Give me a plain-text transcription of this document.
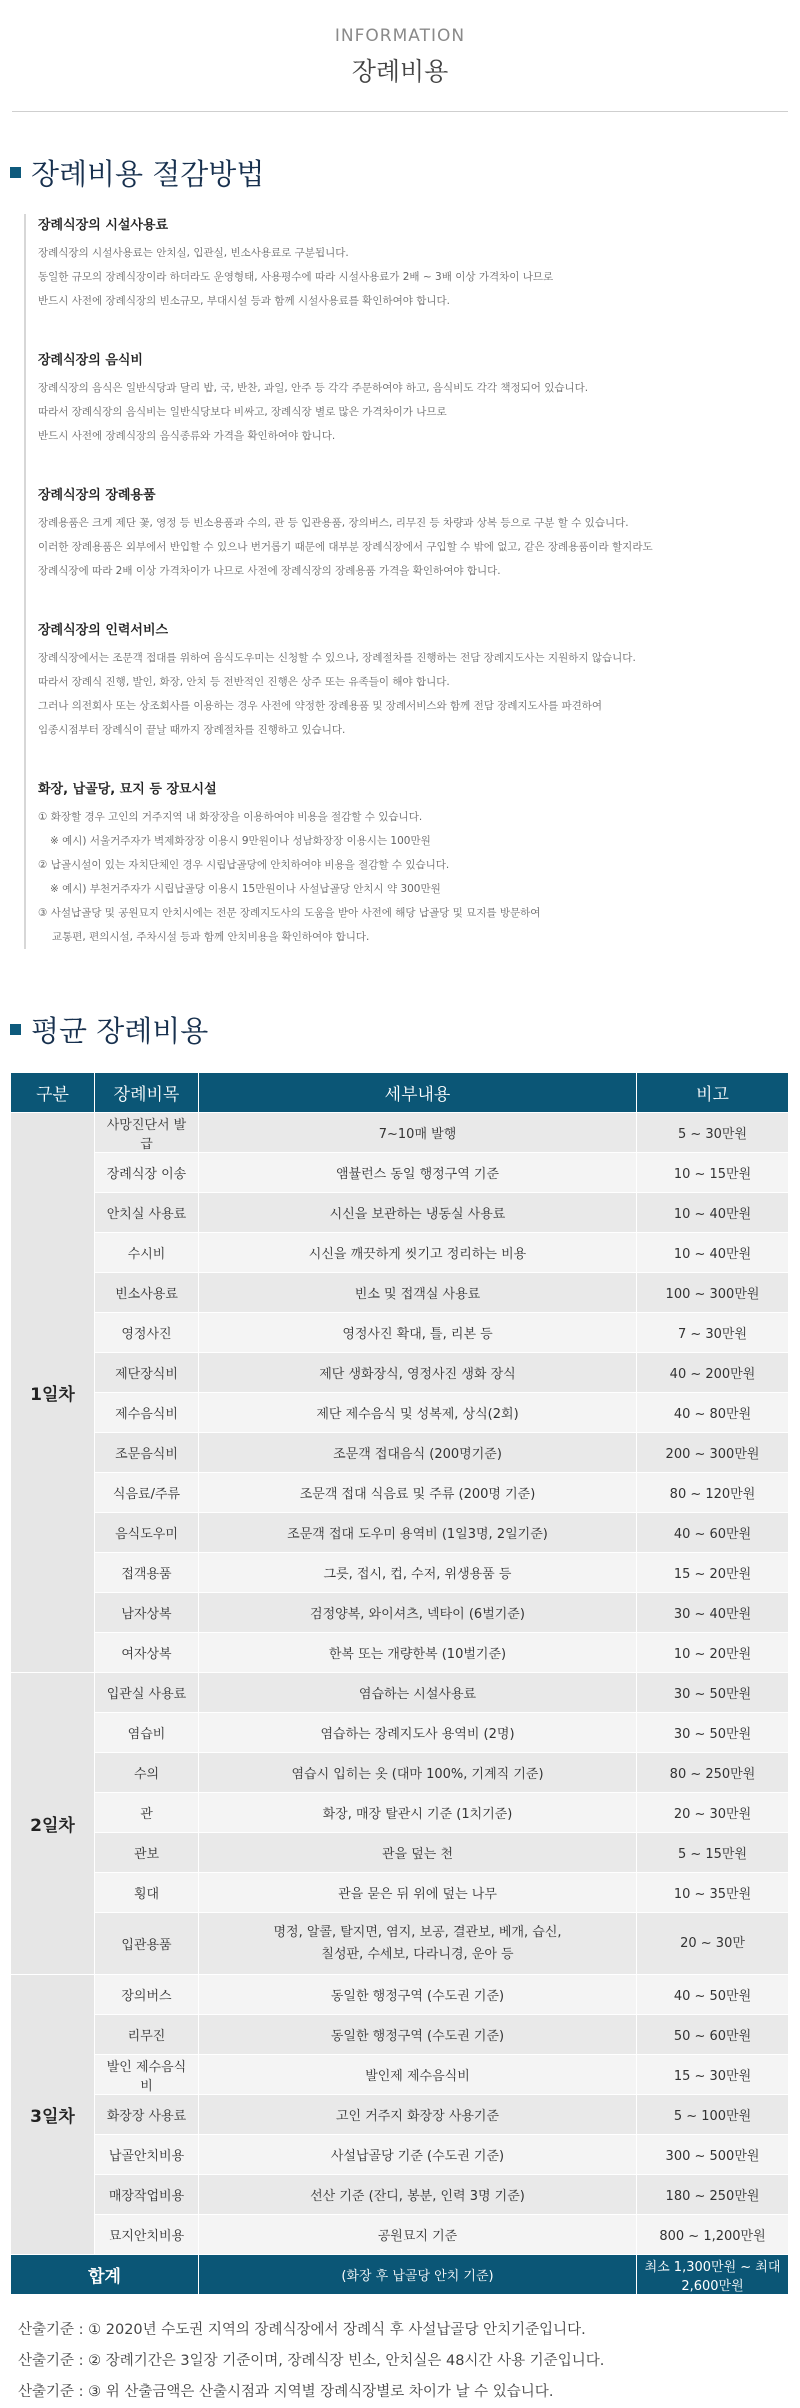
INFORMATION
장례비용
장례비용 절감방법
장례식장의 시설사용료

장례식장의 시설사용료는 안치실, 입관실, 빈소사용료로 구분됩니다.

동일한 규모의 장례식장이라 하더라도 운영형태, 사용평수에 따라 시설사용료가 2배 ~ 3배 이상 가격차이 나므로

반드시 사전에 장례식장의 빈소규모, 부대시설 등과 함께 시설사용료를 확인하여야 합니다.

장례식장의 음식비

장례식장의 음식은 일반식당과 달리 밥, 국, 반찬, 과일, 안주 등 각각 주문하여야 하고, 음식비도 각각 책정되어 있습니다.

따라서 장례식장의 음식비는 일반식당보다 비싸고, 장례식장 별로 많은 가격차이가 나므로

반드시 사전에 장례식장의 음식종류와 가격을 확인하여야 합니다.

장례식장의 장례용품

장례용품은 크게 제단 꽃, 영정 등 빈소용품과 수의, 관 등 입관용품, 장의버스, 리무진 등 차량과 상복 등으로 구분 할 수 있습니다.

이러한 장례용품은 외부에서 반입할 수 있으나 번거롭기 때문에 대부분 장례식장에서 구입할 수 밖에 없고, 같은 장례용품이라 할지라도

장례식장에 따라 2배 이상 가격차이가 나므로 사전에 장례식장의 장례용품 가격을 확인하여야 합니다.

장례식장의 인력서비스

장례식장에서는 조문객 접대를 위하여 음식도우미는 신청할 수 있으나, 장례절차를 진행하는 전담 장례지도사는 지원하지 않습니다.

따라서 장례식 진행, 발인, 화장, 안치 등 전반적인 진행은 상주 또는 유족들이 해야 합니다.

그러나 의전회사 또는 상조회사를 이용하는 경우 사전에 약정한 장례용품 및 장례서비스와 함께 전담 장례지도사를 파견하여

임종시점부터 장례식이 끝날 때까지 장례절차를 진행하고 있습니다.

화장, 납골당, 묘지 등 장묘시설

① 화장할 경우 고인의 거주지역 내 화장장을 이용하여야 비용을 절감할 수 있습니다.

※ 예시) 서울거주자가 벽제화장장 이용시 9만원이나 성남화장장 이용시는 100만원

② 납골시설이 있는 자치단체인 경우 시립납골당에 안치하여야 비용을 절감할 수 있습니다.

※ 예시) 부천거주자가 시립납골당 이용시 15만원이나 사설납골당 안치시 약 300만원

③ 사설납골당 및 공원묘지 안치시에는 전문 장례지도사의 도움을 받아 사전에 해당 납골당 및 묘지를 방문하여

교통편, 편의시설, 주차시설 등과 함께 안치비용을 확인하여야 합니다.

평균 장례비용
구분	장례비목	세부내용	비고
1일차	사망진단서 발급	7~10매 발행	5 ~ 30만원
	장례식장 이송	앰뷸런스 동일 행정구역 기준	10 ~ 15만원
	안치실 사용료	시신을 보관하는 냉동실 사용료	10 ~ 40만원
	수시비	시신을 깨끗하게 씻기고 정리하는 비용	10 ~ 40만원
	빈소사용료	빈소 및 접객실 사용료	100 ~ 300만원
	영정사진	영정사진 확대, 틀, 리본 등	7 ~ 30만원
	제단장식비	제단 생화장식, 영정사진 생화 장식	40 ~ 200만원
	제수음식비	제단 제수음식 및 성복제, 상식(2회)	40 ~ 80만원
	조문음식비	조문객 접대음식 (200명기준)	200 ~ 300만원
	식음료/주류	조문객 접대 식음료 및 주류 (200명 기준)	80 ~ 120만원
	음식도우미	조문객 접대 도우미 용역비 (1일3명, 2일기준)	40 ~ 60만원
	접객용품	그릇, 접시, 컵, 수저, 위생용품 등	15 ~ 20만원
	남자상복	검정양복, 와이셔츠, 넥타이 (6벌기준)	30 ~ 40만원
	여자상복	한복 또는 개량한복 (10벌기준)	10 ~ 20만원
2일차	입관실 사용료	염습하는 시설사용료	30 ~ 50만원
	염습비	염습하는 장례지도사 용역비 (2명)	30 ~ 50만원
	수의	염습시 입히는 옷 (대마 100%, 기계직 기준)	80 ~ 250만원
	관	화장, 매장 탈관시 기준 (1치기준)	20 ~ 30만원
	관보	관을 덮는 천	5 ~ 15만원
	횡대	관을 묻은 뒤 위에 덮는 나무	10 ~ 35만원
	입관용품	명정, 알콜, 탈지면, 염지, 보공, 결관보, 베개, 습신,
칠성판, 수세보, 다라니경, 운아 등	20 ~ 30만
3일차	장의버스	동일한 행정구역 (수도권 기준)	40 ~ 50만원
	리무진	동일한 행정구역 (수도권 기준)	50 ~ 60만원
	발인 제수음식비	발인제 제수음식비	15 ~ 30만원
	화장장 사용료	고인 거주지 화장장 사용기준	5 ~ 100만원
	납골안치비용	사설납골당 기준 (수도권 기준)	300 ~ 500만원
	매장작업비용	선산 기준 (잔디, 봉분, 인력 3명 기준)	180 ~ 250만원
	묘지안치비용	공원묘지 기준	800 ~ 1,200만원
합계		(화장 후 납골당 안치 기준)	최소 1,300만원 ~ 최대 2,600만원

산출기준 : ① 2020년 수도권 지역의 장례식장에서 장례식 후 사설납골당 안치기준입니다.

산출기준 : ② 장례기간은 3일장 기준이며, 장례식장 빈소, 안치실은 48시간 사용 기준입니다.

산출기준 : ③ 위 산출금액은 산출시점과 지역별 장례식장별로 차이가 날 수 있습니다.
